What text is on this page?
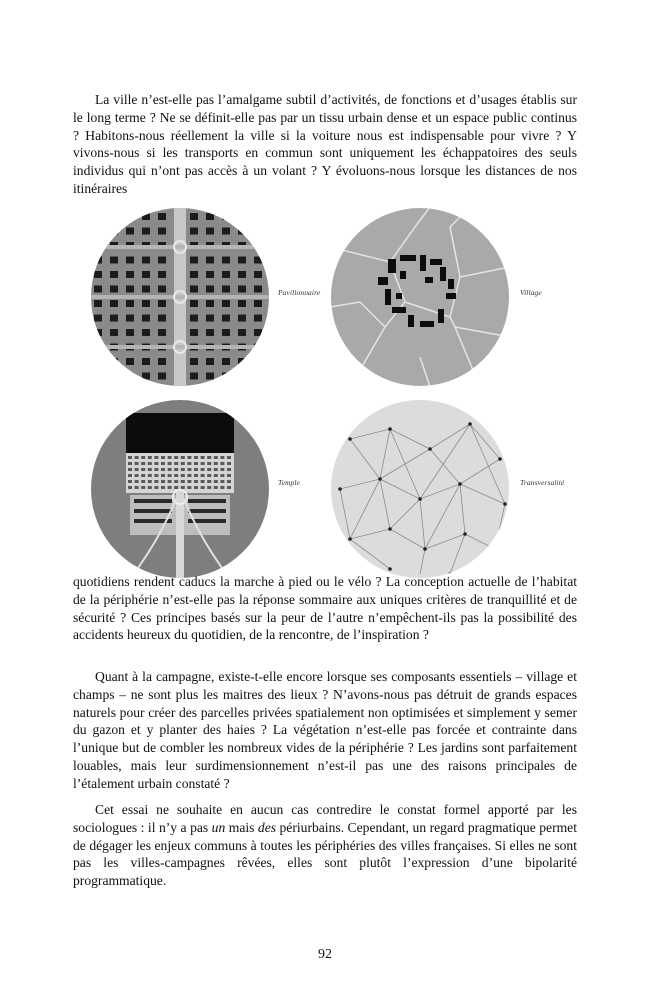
La ville n’est-elle pas l’amalgame subtil d’activités, de fonctions et d’usages établis sur le long terme ? Ne se définit-elle pas par un tissu urbain dense et un espace public continus ? Habitons-nous réellement la ville si la voiture nous est indispensable pour vivre ? Y vivons-nous si les transports en commun sont uniquement les échappatoires des seuls individus qui n’ont pas accès à un volant ? Y évoluons-nous lorsque les distances de nos itinéraires

Pavillonnaire	Village
Temple	Transversalité

quotidiens rendent caducs la marche à pied ou le vélo ? La conception actuelle de l’habitat de la périphérie n’est-elle pas la réponse sommaire aux uniques critères de tranquillité et de sécurité ? Ces principes basés sur la peur de l’autre n’empêchent-ils pas la possibilité des accidents heureux du quotidien, de la rencontre, de l’inspiration ?

Quant à la campagne, existe-t-elle encore lorsque ses composants essentiels – village et champs – ne sont plus les maitres des lieux ? N’avons-nous pas détruit de grands espaces naturels pour créer des parcelles privées spatialement non optimisées et simplement y semer du gazon et y planter des haies ? La végétation n’est-elle pas forcée et contrainte dans l’unique but de combler les nombreux vides de la périphérie ? Les jardins sont parfaitement louables, mais leur surdimensionnement n’est-il pas une des raisons principales de l’étalement urbain constaté ?

Cet essai ne souhaite en aucun cas contredire le constat formel apporté par les sociologues : il n’y a pas un mais des périurbains. Cependant, un regard pragmatique permet de dégager les enjeux communs à toutes les périphéries des villes françaises. Si elles ne sont pas les villes-campagnes rêvées, elles sont plutôt l’expression d’une bipolarité programmatique.

92
